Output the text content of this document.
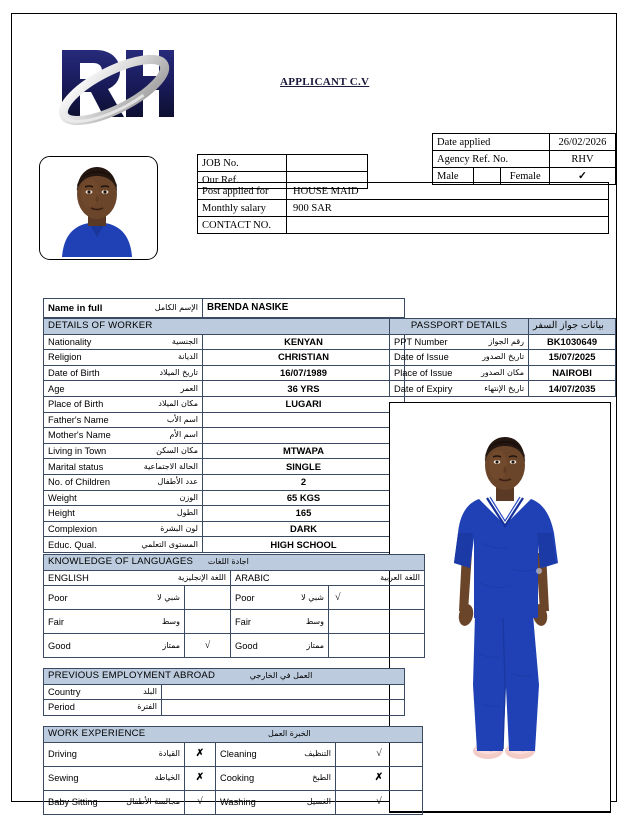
APPLICANT C.V
JOB No.	
Our Ref.	
Post applied for	HOUSE MAID
Monthly salary	900 SAR
CONTACT NO.	
Date applied			26/02/2026
Agency Ref. No.			RHV
Male		Female	✓
Name in full	الإسم الكامل	BRENDA NASIKE
DETAILS OF WORKER	
Nationality الجنسية	KENYAN
Religion الديانة	CHRISTIAN
Date of Birth تاريخ الميلاد	16/07/1989
Age العمر	36 YRS
Place of Birth مكان الميلاد	LUGARI
Father's Name اسم الأب	

Mother's Name اسم الأم	

Living in Town مكان السكن	MTWAPA
Marital status الحالة الاجتماعية	SINGLE
No. of Children عدد الأطفال	2
Weight الوزن	65 KGS
Height الطول	165
Complexion لون البشرة	DARK
Educ. Qual. المستوى التعلمي	HIGH SCHOOL
PASSPORT DETAILS	بيانات جواز السفر
PPT Number رقم الجواز	BK1030649
Date of Issue تاريخ الصدور	15/07/2025
Place of Issue مكان الصدور	NAIROBI
Date of Expiry تاريخ الإنتهاء	14/07/2035
KNOWLEDGE OF LANGUAGES اجادة اللغات			
ENGLISH اللغة الإنجليزية		ARABIC اللغة العربية	

Poor شبي لا		Poor شبي لا	√
Fair وسط		Fair وسط	

Good ممتاز	√	Good ممتاز	

PREVIOUS EMPLOYMENT ABROAD العمل في الخارجي	
Country البلد	

Period الفترة	

WORK EXPERIENCE الخبرة العمل			
Driving القيادة	✗	Cleaning التنظيف	√
Sewing الخياطة	✗	Cooking الطبخ	✗
Baby Sitting مجالسة الأطفال	√	Washing الغسيل	√
